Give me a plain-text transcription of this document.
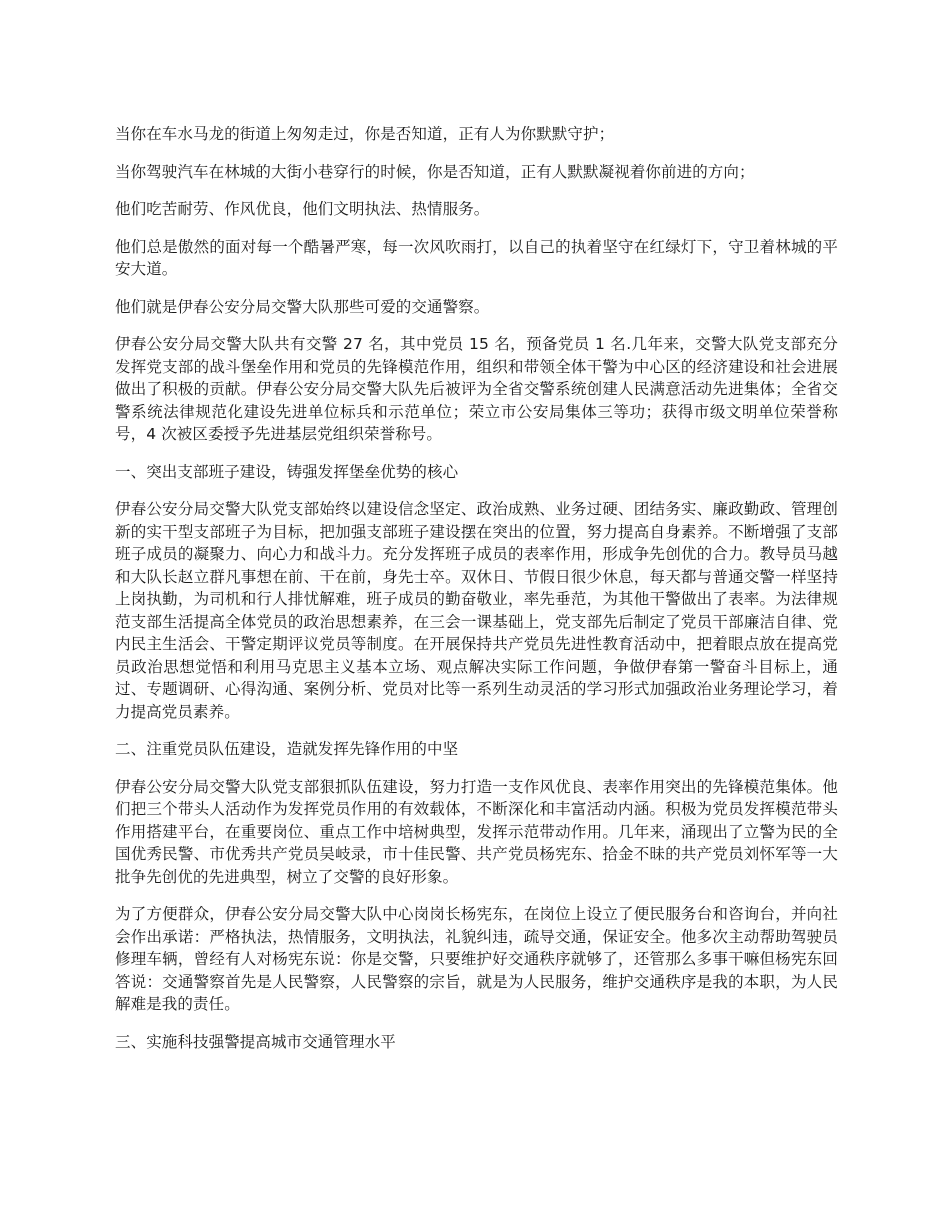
当你在车水马龙的街道上匆匆走过，你是否知道，正有人为你默默守护；

当你驾驶汽车在林城的大街小巷穿行的时候，你是否知道，正有人默默凝视着你前进的方向；

他们吃苦耐劳、作风优良，他们文明执法、热情服务。

他们总是傲然的面对每一个酷暑严寒，每一次风吹雨打，以自己的执着坚守在红绿灯下，守卫着林城的平安大道。

他们就是伊春公安分局交警大队那些可爱的交通警察。

伊春公安分局交警大队共有交警 27 名，其中党员 15 名，预备党员 1 名.几年来，交警大队党支部充分发挥党支部的战斗堡垒作用和党员的先锋模范作用，组织和带领全体干警为中心区的经济建设和社会进展做出了积极的贡献。伊春公安分局交警大队先后被评为全省交警系统创建人民满意活动先进集体；全省交警系统法律规范化建设先进单位标兵和示范单位；荣立市公安局集体三等功；获得市级文明单位荣誉称号，4 次被区委授予先进基层党组织荣誉称号。

一、突出支部班子建设，铸强发挥堡垒优势的核心

伊春公安分局交警大队党支部始终以建设信念坚定、政治成熟、业务过硬、团结务实、廉政勤政、管理创新的实干型支部班子为目标，把加强支部班子建设摆在突出的位置，努力提高自身素养。不断增强了支部班子成员的凝聚力、向心力和战斗力。充分发挥班子成员的表率作用，形成争先创优的合力。教导员马越和大队长赵立群凡事想在前、干在前，身先士卒。双休日、节假日很少休息，每天都与普通交警一样坚持上岗执勤，为司机和行人排忧解难，班子成员的勤奋敬业，率先垂范，为其他干警做出了表率。为法律规范支部生活提高全体党员的政治思想素养，在三会一课基础上，党支部先后制定了党员干部廉洁自律、党内民主生活会、干警定期评议党员等制度。在开展保持共产党员先进性教育活动中，把着眼点放在提高党员政治思想觉悟和利用马克思主义基本立场、观点解决实际工作问题，争做伊春第一警奋斗目标上，通过、专题调研、心得沟通、案例分析、党员对比等一系列生动灵活的学习形式加强政治业务理论学习，着力提高党员素养。

二、注重党员队伍建设，造就发挥先锋作用的中坚

伊春公安分局交警大队党支部狠抓队伍建设，努力打造一支作风优良、表率作用突出的先锋模范集体。他们把三个带头人活动作为发挥党员作用的有效载体，不断深化和丰富活动内涵。积极为党员发挥模范带头作用搭建平台，在重要岗位、重点工作中培树典型，发挥示范带动作用。几年来，涌现出了立警为民的全国优秀民警、市优秀共产党员吴岐录，市十佳民警、共产党员杨宪东、拾金不昧的共产党员刘怀军等一大批争先创优的先进典型，树立了交警的良好形象。

为了方便群众，伊春公安分局交警大队中心岗岗长杨宪东，在岗位上设立了便民服务台和咨询台，并向社会作出承诺：严格执法，热情服务，文明执法，礼貌纠违，疏导交通，保证安全。他多次主动帮助驾驶员修理车辆，曾经有人对杨宪东说：你是交警，只要维护好交通秩序就够了，还管那么多事干嘛但杨宪东回答说：交通警察首先是人民警察，人民警察的宗旨，就是为人民服务，维护交通秩序是我的本职，为人民解难是我的责任。

三、实施科技强警提高城市交通管理水平
